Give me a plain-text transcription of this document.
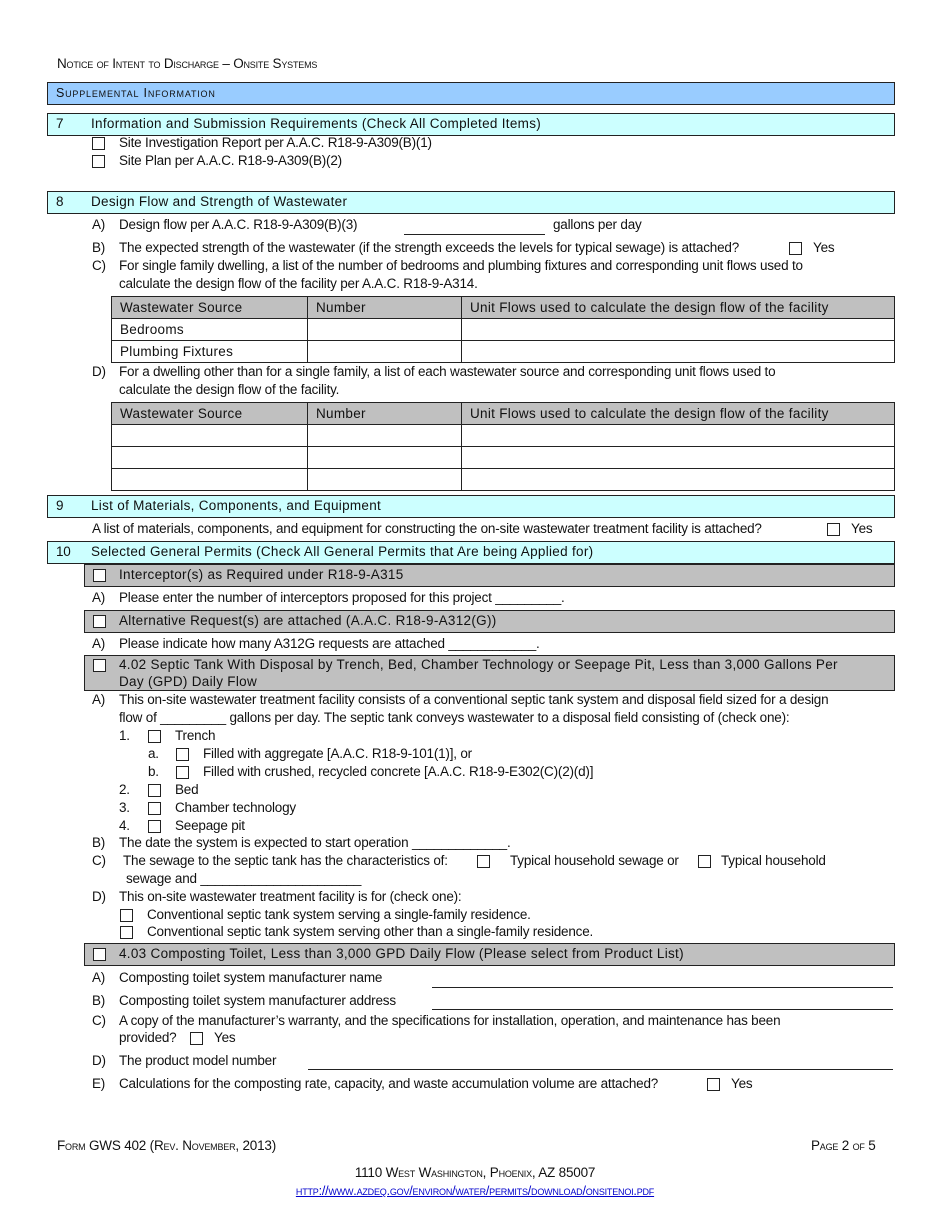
Notice of Intent to Discharge – Onsite Systems
Supplemental Information
7 Information and Submission Requirements (Check All Completed Items)
Site Investigation Report per A.A.C. R18-9-A309(B)(1)
Site Plan per A.A.C. R18-9-A309(B)(2)
8 Design Flow and Strength of Wastewater
A) Design flow per A.A.C. R18-9-A309(B)(3)	gallons per day
B) The expected strength of the wastewater (if the strength exceeds the levels for typical sewage) is attached?	Yes
C) For single family dwelling, a list of the number of bedrooms and plumbing fixtures and corresponding unit flows used to
calculate the design flow of the facility per A.A.C. R18-9-A314.
Wastewater Source	Number	Unit Flows used to calculate the design flow of the facility
Bedrooms		
Plumbing Fixtures		
D) For a dwelling other than for a single family, a list of each wastewater source and corresponding unit flows used to
calculate the design flow of the facility.
Wastewater Source	Number	Unit Flows used to calculate the design flow of the facility

9 List of Materials, Components, and Equipment
A list of materials, components, and equipment for constructing the on-site wastewater treatment facility is attached?	Yes
10 Selected General Permits (Check All General Permits that Are being Applied for)
Interceptor(s) as Required under R18-9-A315
A) Please enter the number of interceptors proposed for this project _________.
Alternative Request(s) are attached (A.A.C. R18-9-A312(G))
A) Please indicate how many A312G requests are attached ____________.
4.02 Septic Tank With Disposal by Trench, Bed, Chamber Technology or Seepage Pit, Less than 3,000 Gallons Per
Day (GPD) Daily Flow
A) This on-site wastewater treatment facility consists of a conventional septic tank system and disposal field sized for a design
flow of _________ gallons per day. The septic tank conveys wastewater to a disposal field consisting of (check one):
1.	Trench
a.	Filled with aggregate [A.A.C. R18-9-101(1)], or
b.	Filled with crushed, recycled concrete [A.A.C. R18-9-E302(C)(2)(d)]
2.	Bed
3.	Chamber technology
4.	Seepage pit
B) The date the system is expected to start operation _____________.
C) The sewage to the septic tank has the characteristics of:	Typical household sewage or	Typical household
sewage and ______________________
D) This on-site wastewater treatment facility is for (check one):
Conventional septic tank system serving a single-family residence.
Conventional septic tank system serving other than a single-family residence.
4.03 Composting Toilet, Less than 3,000 GPD Daily Flow (Please select from Product List)
A) Composting toilet system manufacturer name
B) Composting toilet system manufacturer address
C) A copy of the manufacturer’s warranty, and the specifications for installation, operation, and maintenance has been
provided?	Yes
D) The product model number
E) Calculations for the composting rate, capacity, and waste accumulation volume are attached?	Yes
Form GWS 402 (Rev. November, 2013)	Page 2 of 5
1110 West Washington, Phoenix, AZ 85007
http://www.azdeq.gov/environ/water/permits/download/onsitenoi.pdf
